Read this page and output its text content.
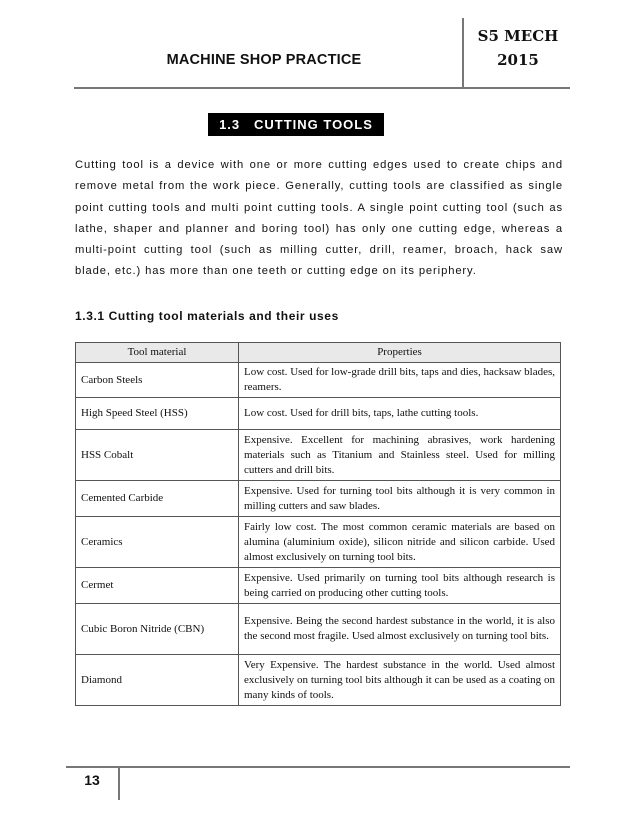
MACHINE SHOP PRACTICE
S5 MECH
2015
1.3   CUTTING TOOLS

Cutting tool is a device with one or more cutting edges used to create chips and remove metal from the work piece. Generally, cutting tools are classified as single point cutting tools and multi point cutting tools. A single point cutting tool (such as lathe, shaper and planner and boring tool) has only one cutting edge, whereas a multi-point cutting tool (such as milling cutter, drill, reamer, broach, hack saw blade, etc.) has more than one teeth or cutting edge on its periphery.

1.3.1 Cutting tool materials and their uses
Tool material	Properties
Carbon Steels	Low cost. Used for low-grade drill bits, taps and dies, hacksaw blades, reamers.
High Speed Steel (HSS)	Low cost. Used for drill bits, taps, lathe cutting tools.
HSS Cobalt	Expensive. Excellent for machining abrasives, work hardening materials such as Titanium and Stainless steel. Used for milling cutters and drill bits.
Cemented Carbide	Expensive. Used for turning tool bits although it is very common in milling cutters and saw blades.
Ceramics	Fairly low cost. The most common ceramic materials are based on alumina (aluminium oxide), silicon nitride and silicon carbide. Used almost exclusively on turning tool bits.
Cermet	Expensive. Used primarily on turning tool bits although research is being carried on producing other cutting tools.
Cubic Boron Nitride (CBN)	Expensive. Being the second hardest substance in the world, it is also the second most fragile. Used almost exclusively on turning tool bits.
Diamond	Very Expensive. The hardest substance in the world. Used almost exclusively on turning tool bits although it can be used as a coating on many kinds of tools.
13
